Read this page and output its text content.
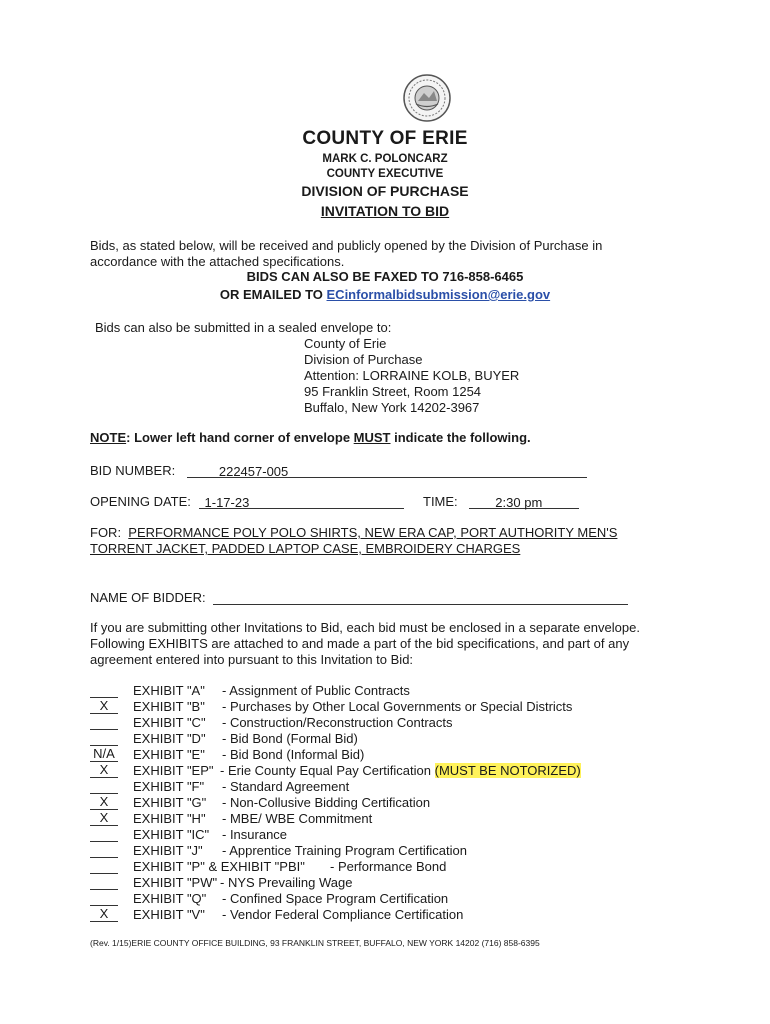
COUNTY OF ERIE
MARK C. POLONCARZ
COUNTY EXECUTIVE
DIVISION OF PURCHASE
INVITATION TO BID
Bids, as stated below, will be received and publicly opened by the Division of Purchase in accordance with the attached specifications.
BIDS CAN ALSO BE FAXED TO 716-858-6465
OR EMAILED TO ECinformalbidsubmission@erie.gov
Bids can also be submitted in a sealed envelope to:
County of Erie
Division of Purchase
Attention: LORRAINE KOLB, BUYER
95 Franklin Street, Room 1254
Buffalo, New York 14202-3967
NOTE: Lower left hand corner of envelope MUST indicate the following.
BID NUMBER:	222457-005
OPENING DATE: 1-17-23	TIME:	2:30 pm
FOR: PERFORMANCE POLY POLO SHIRTS, NEW ERA CAP, PORT AUTHORITY MEN'S TORRENT JACKET, PADDED LAPTOP CASE, EMBROIDERY CHARGES
NAME OF BIDDER:
If you are submitting other Invitations to Bid, each bid must be enclosed in a separate envelope. Following EXHIBITS are attached to and made a part of the bid specifications, and part of any agreement entered into pursuant to this Invitation to Bid:
EXHIBIT "A" - Assignment of Public Contracts
X	EXHIBIT "B" - Purchases by Other Local Governments or Special Districts
EXHIBIT "C" - Construction/Reconstruction Contracts
EXHIBIT "D" - Bid Bond (Formal Bid)
N/A EXHIBIT "E" - Bid Bond (Informal Bid)
X	EXHIBIT "EP" - Erie County Equal Pay Certification (MUST BE NOTORIZED)
EXHIBIT "F" - Standard Agreement
X	EXHIBIT "G" - Non-Collusive Bidding Certification
X	EXHIBIT "H" - MBE/ WBE Commitment
EXHIBIT "IC" - Insurance
EXHIBIT "J" - Apprentice Training Program Certification
EXHIBIT "P" & EXHIBIT "PBI" - Performance Bond
EXHIBIT "PW" - NYS Prevailing Wage
EXHIBIT "Q" - Confined Space Program Certification
X	EXHIBIT "V" - Vendor Federal Compliance Certification
(Rev. 1/15)ERIE COUNTY OFFICE BUILDING, 93 FRANKLIN STREET, BUFFALO, NEW YORK 14202 (716) 858-6395
